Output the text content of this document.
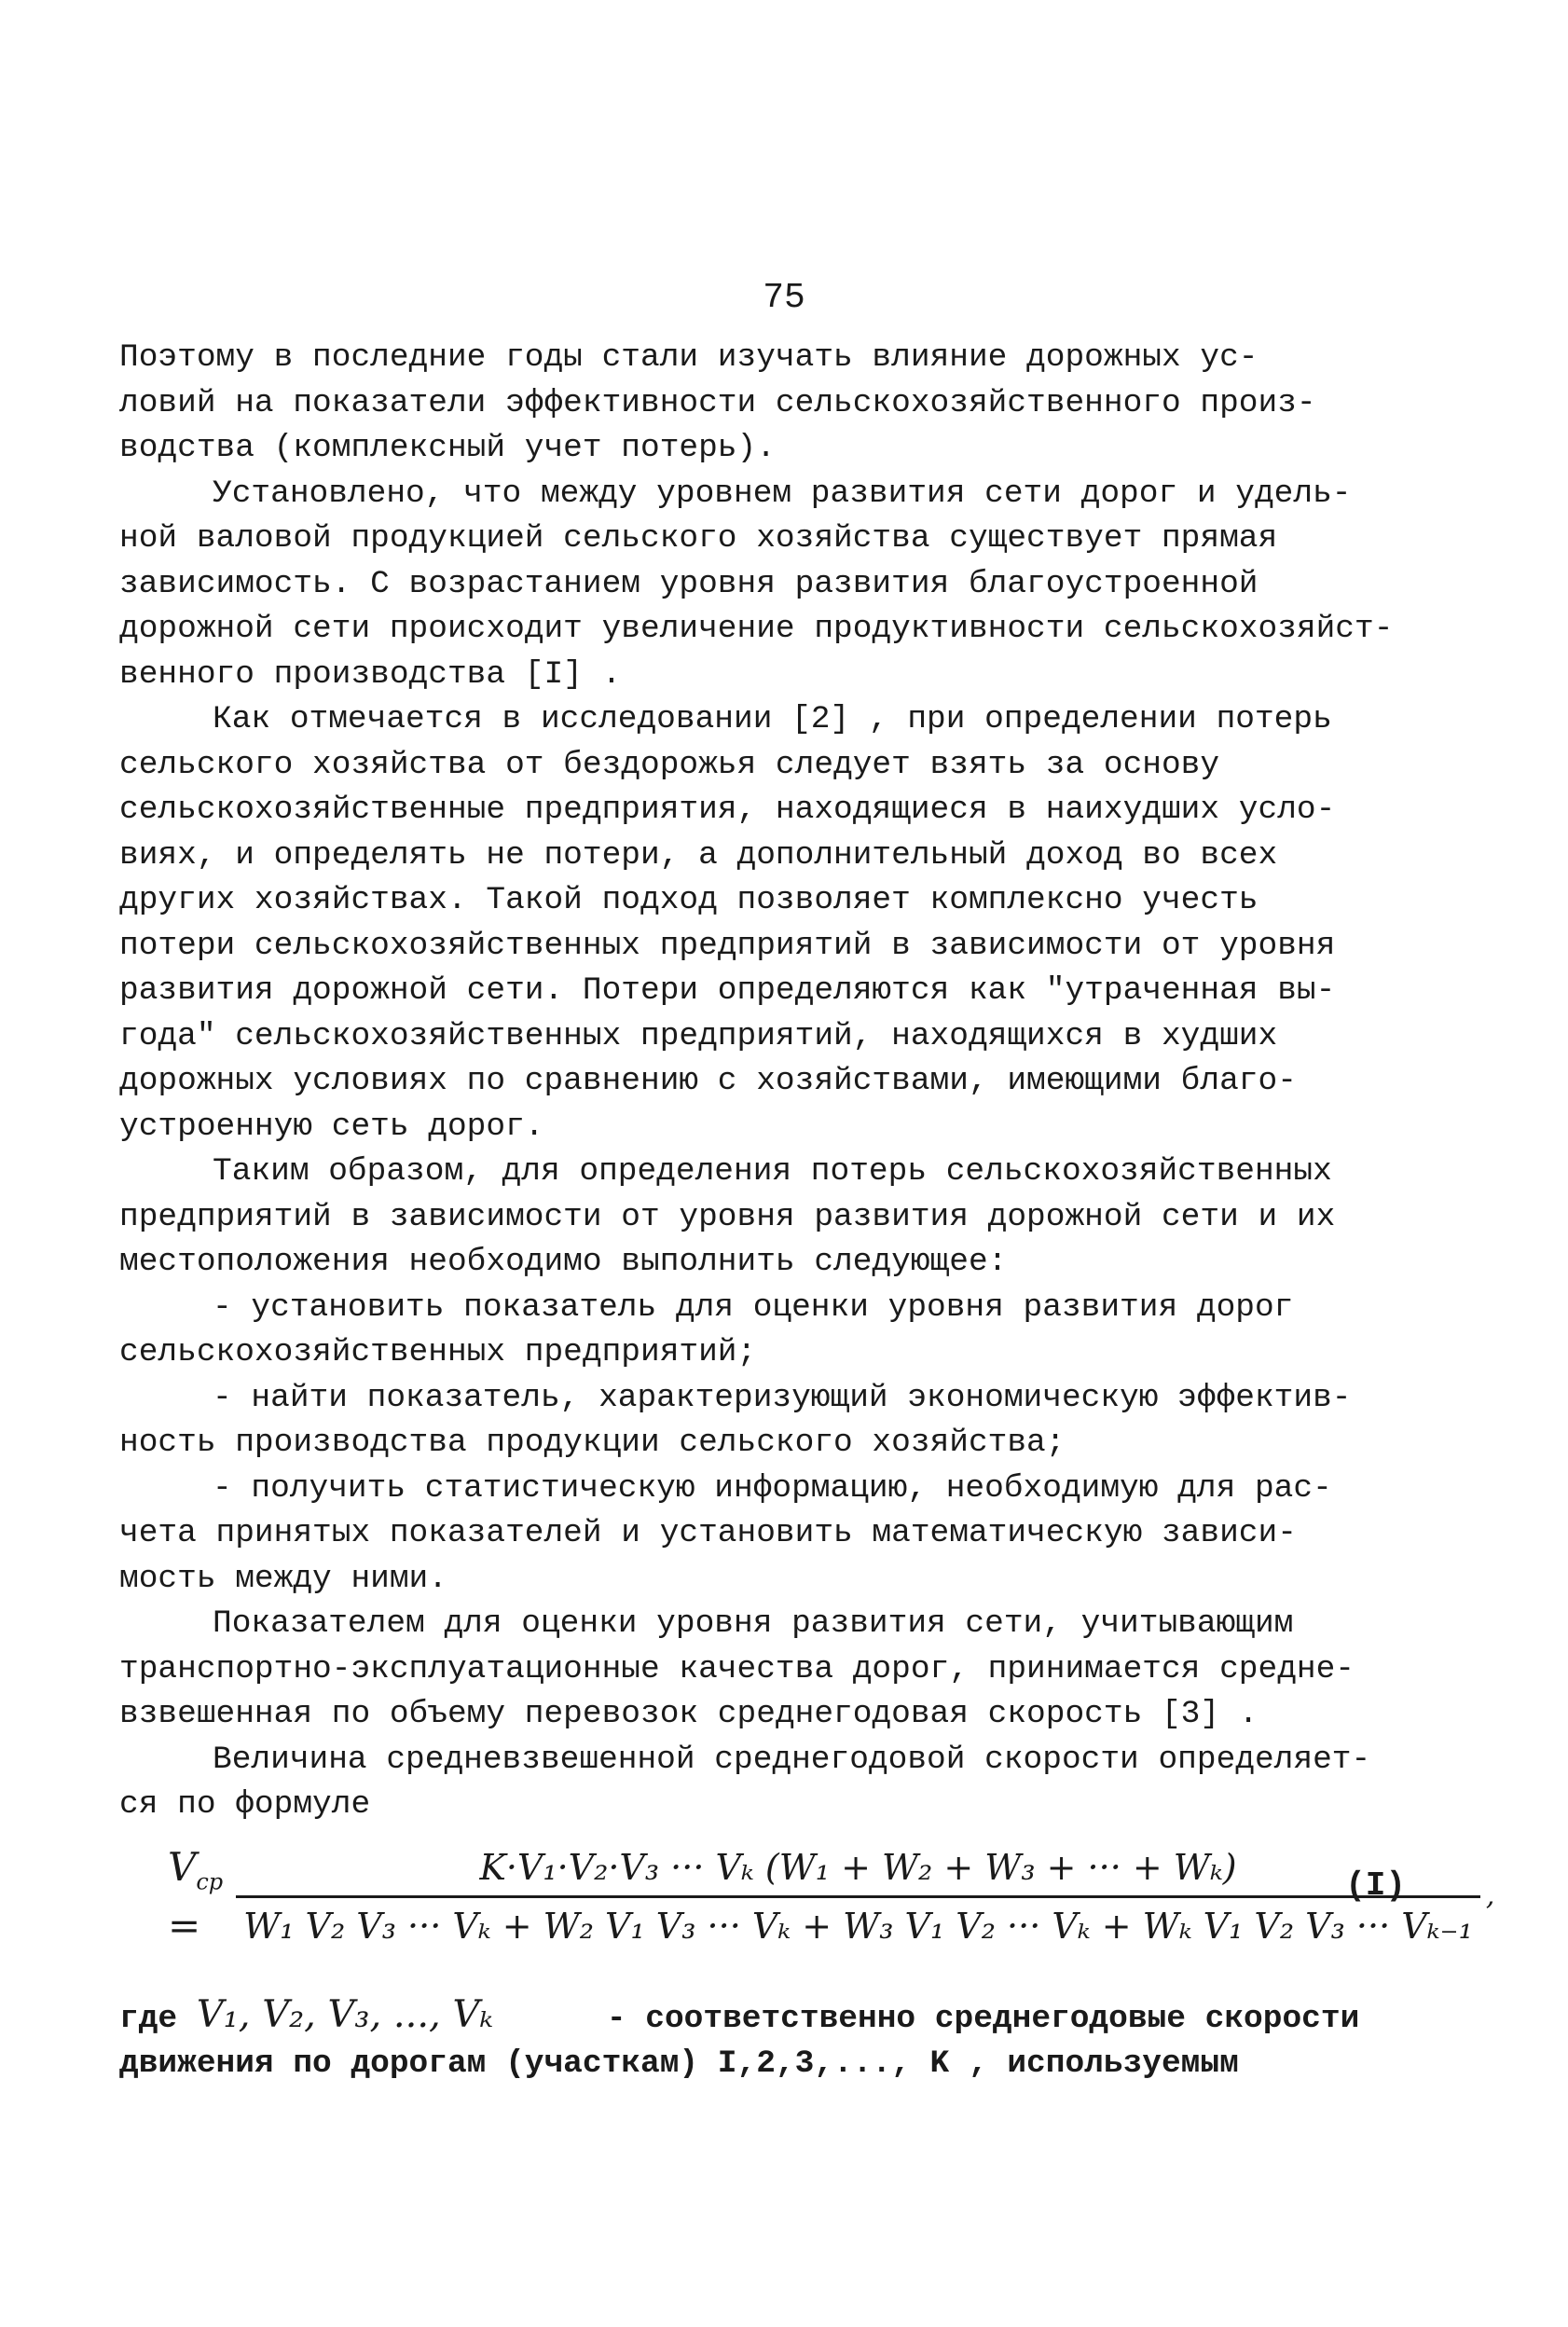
75

Поэтому в последние годы стали изучать влияние дорожных ус-
ловий на показатели эффективности сельскохозяйственного произ-
водства (комплексный учет потерь).

Установлено, что между уровнем развития сети дорог и удель-
ной валовой продукцией сельского хозяйства существует прямая
зависимость. С возрастанием уровня развития благоустроенной
дорожной сети происходит увеличение продуктивности сельскохозяйст-
венного производства [I] .

Как отмечается в исследовании [2] , при определении потерь
сельского хозяйства от бездорожья следует взять за основу
сельскохозяйственные предприятия, находящиеся в наихудших усло-
виях, и определять не потери, а дополнительный доход во всех
других хозяйствах. Такой подход позволяет комплексно учесть
потери сельскохозяйственных предприятий в зависимости от уровня
развития дорожной сети. Потери определяются как "утраченная вы-
года" сельскохозяйственных предприятий, находящихся в худших
дорожных условиях по сравнению с хозяйствами, имеющими благо-
устроенную сеть дорог.

Таким образом, для определения потерь сельскохозяйственных
предприятий в зависимости от уровня развития дорожной сети и их
местоположения необходимо выполнить следующее:

- установить показатель для оценки уровня развития дорог
сельскохозяйственных предприятий;

- найти показатель, характеризующий экономическую эффектив-
ность производства продукции сельского хозяйства;

- получить статистическую информацию, необходимую для рас-
чета принятых показателей и установить математическую зависи-
мость между ними.

Показателем для оценки уровня развития сети, учитывающим
транспортно-эксплуатационные качества дорог, принимается средне-
взвешенная по объему перевозок среднегодовая скорость [3] .

Величина средневзвешенной среднегодовой скорости определяет-
ся по формуле

$V_{ср}$ =
K·V₁·V₂·V₃ ··· Vₖ (W₁ + W₂ + W₃ + ··· + Wₖ)
W₁ V₂ V₃ ··· Vₖ + W₂ V₁ V₃ ··· Vₖ + W₃ V₁ V₂ ··· Vₖ + Wₖ V₁ V₂ V₃ ··· Vₖ₋₁
,
(I)

где V₁, V₂, V₃, ..., Vₖ	- соответственно среднегодовые скорости
движения по дорогам (участкам) I,2,3,..., K , используемым
